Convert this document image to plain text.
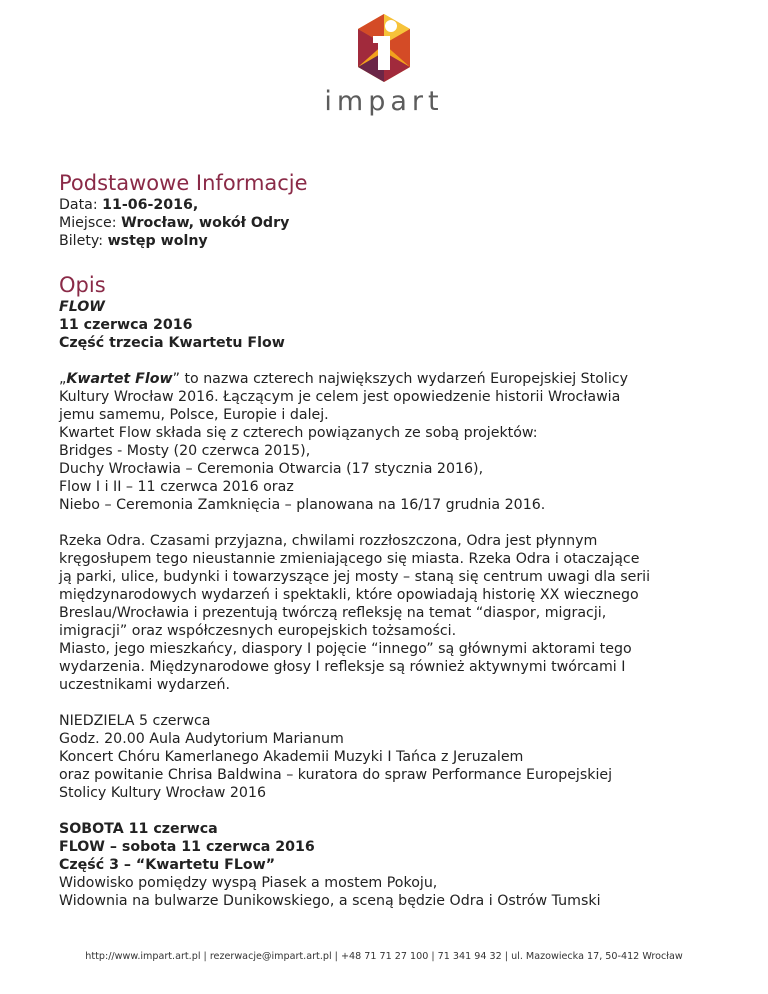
impart
Podstawowe Informacje

Data: 11-06-2016,

Miejsce: Wrocław, wokół Odry

Bilety: wstęp wolny

Opis

FLOW

11 czerwca 2016

Część trzecia Kwartetu Flow

„Kwartet Flow” to nazwa czterech największych wydarzeń Europejskiej Stolicy

Kultury Wrocław 2016. Łączącym je celem jest opowiedzenie historii Wrocławia

jemu samemu, Polsce, Europie i dalej.

Kwartet Flow składa się z czterech powiązanych ze sobą projektów:

Bridges - Mosty (20 czerwca 2015),

Duchy Wrocławia – Ceremonia Otwarcia (17 stycznia 2016),

Flow I i II – 11 czerwca 2016 oraz

Niebo – Ceremonia Zamknięcia – planowana na 16/17 grudnia 2016.

Rzeka Odra. Czasami przyjazna, chwilami rozzłoszczona, Odra jest płynnym

kręgosłupem tego nieustannie zmieniającego się miasta. Rzeka Odra i otaczające

ją parki, ulice, budynki i towarzyszące jej mosty – staną się centrum uwagi dla serii

międzynarodowych wydarzeń i spektakli, które opowiadają historię XX wiecznego

Breslau/Wrocławia i prezentują twórczą refleksję na temat “diaspor, migracji,

imigracji” oraz współczesnych europejskich tożsamości.

Miasto, jego mieszkańcy, diaspory I pojęcie “innego” są głównymi aktorami tego

wydarzenia. Międzynarodowe głosy I refleksje są również aktywnymi twórcami I

uczestnikami wydarzeń.

NIEDZIELA 5 czerwca

Godz. 20.00 Aula Audytorium Marianum

Koncert Chóru Kamerlanego Akademii Muzyki I Tańca z Jeruzalem

oraz powitanie Chrisa Baldwina – kuratora do spraw Performance Europejskiej

Stolicy Kultury Wrocław 2016

SOBOTA 11 czerwca

FLOW – sobota 11 czerwca 2016

Część 3 – “Kwartetu FLow”

Widowisko pomiędzy wyspą Piasek a mostem Pokoju,

Widownia na bulwarze Dunikowskiego, a sceną będzie Odra i Ostrów Tumski

http://www.impart.art.pl | rezerwacje@impart.art.pl | +48 71 71 27 100 | 71 341 94 32 | ul. Mazowiecka 17, 50-412 Wrocław
